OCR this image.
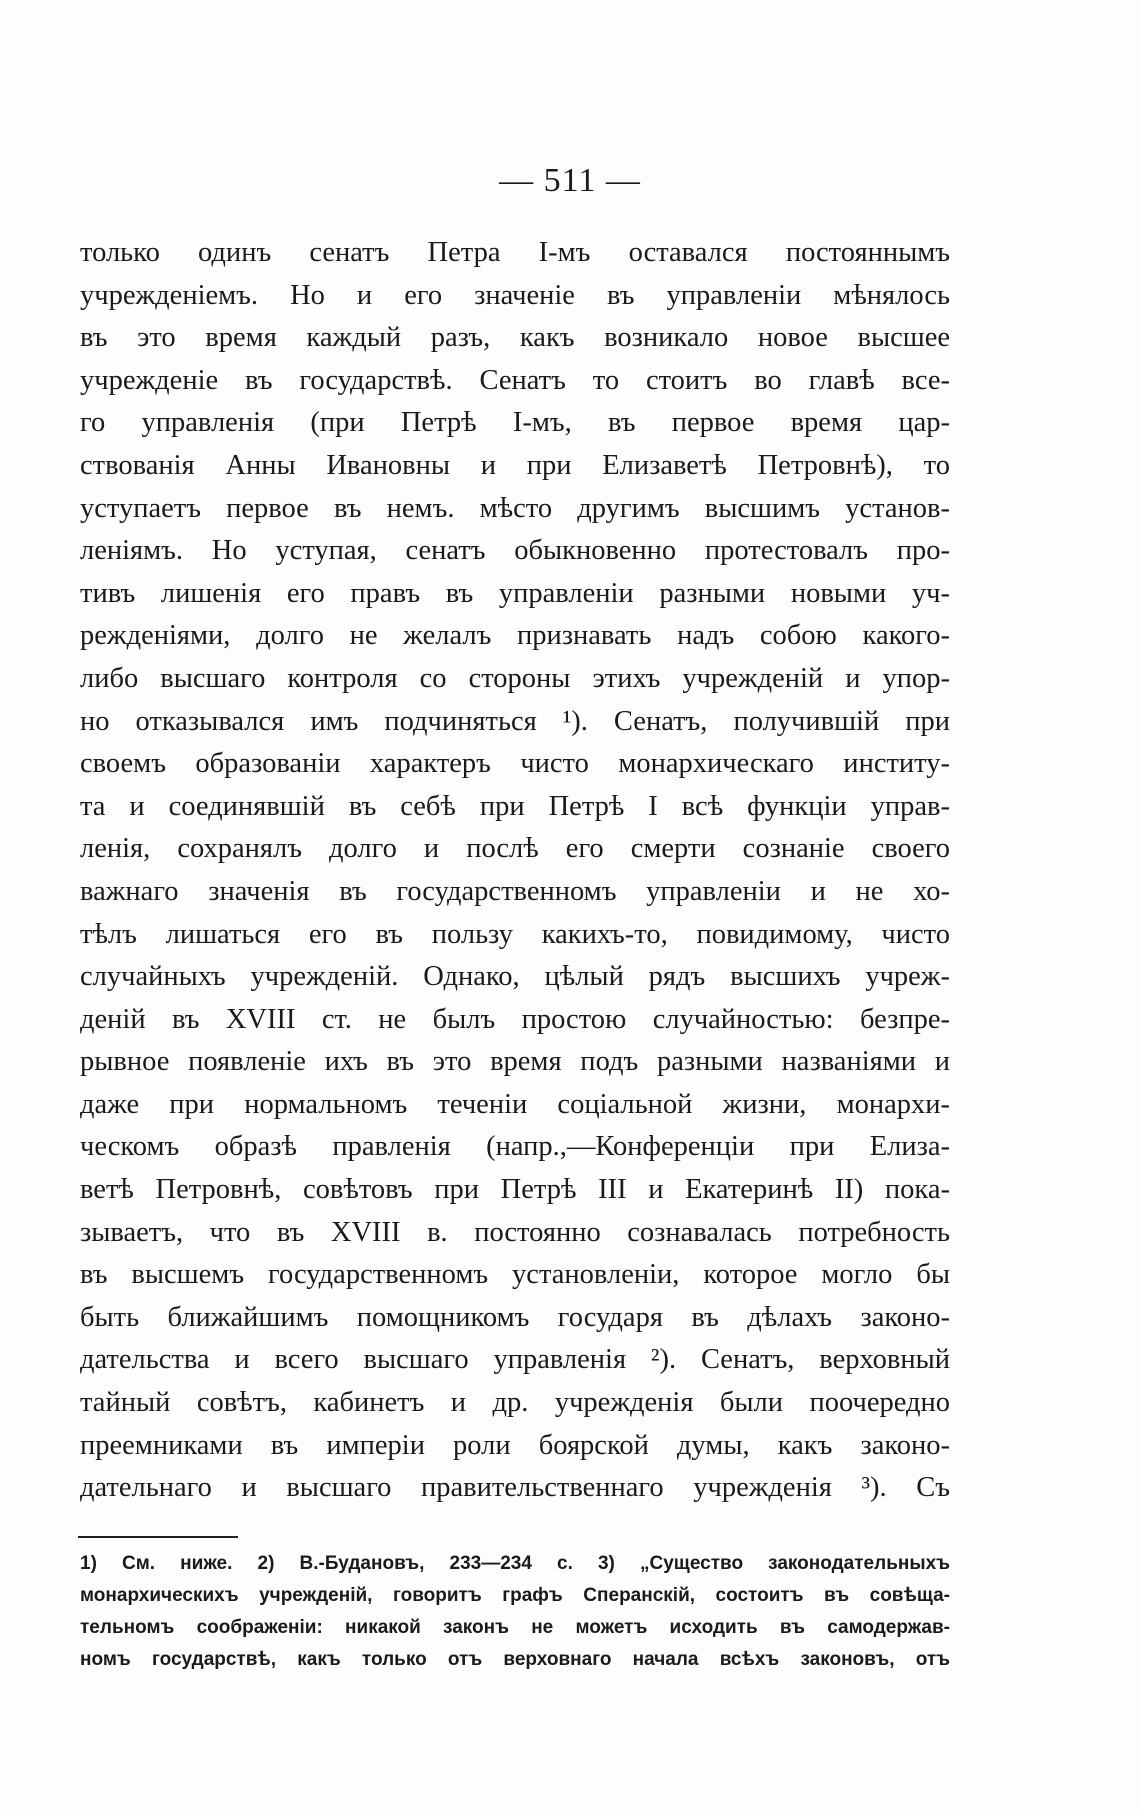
— 511 —
только одинъ сенатъ Петра I-мъ оставался постояннымъ
учрежденіемъ. Но и его значеніе въ управленіи мѣнялось
въ это время каждый разъ, какъ возникало новое высшее
учрежденіе въ государствѣ. Сенатъ то стоитъ во главѣ все-
го управленія (при Петрѣ I-мъ, въ первое время цар-
ствованія Анны Ивановны и при Елизаветѣ Петровнѣ), то
уступаетъ первое въ немъ. мѣсто другимъ высшимъ установ-
леніямъ. Но уступая, сенатъ обыкновенно протестовалъ про-
тивъ лишенія его правъ въ управленіи разными новыми уч-
режденіями, долго не желалъ признавать надъ собою какого-
либо высшаго контроля со стороны этихъ учрежденій и упор-
но отказывался имъ подчиняться ¹). Сенатъ, получившій при
своемъ образованіи характеръ чисто монархическаго институ-
та и соединявшій въ себѣ при Петрѣ I всѣ функціи управ-
ленія, сохранялъ долго и послѣ его смерти сознаніе своего
важнаго значенія въ государственномъ управленіи и не хо-
тѣлъ лишаться его въ пользу какихъ-то, повидимому, чисто
случайныхъ учрежденій. Однако, цѣлый рядъ высшихъ учреж-
деній въ XVIII ст. не былъ простою случайностью: безпре-
рывное появленіе ихъ въ это время подъ разными названіями и
даже при нормальномъ теченіи соціальной жизни, монархи-
ческомъ образѣ правленія (напр.,—Конференціи при Елиза-
ветѣ Петровнѣ, совѣтовъ при Петрѣ III и Екатеринѣ II) пока-
зываетъ, что въ XVIII в. постоянно сознавалась потребность
въ высшемъ государственномъ установленіи, которое могло бы
быть ближайшимъ помощникомъ государя въ дѣлахъ законо-
дательства и всего высшаго управленія ²). Сенатъ, верховный
тайный совѣтъ, кабинетъ и др. учрежденія были поочередно
преемниками въ имперіи роли боярской думы, какъ законо-
дательнаго и высшаго правительственнаго учрежденія ³). Съ
1) См. ниже. 2) В.-Будановъ, 233—234 с. 3) „Существо законодательныхъ
монархическихъ учрежденій, говоритъ графъ Сперанскій, состоитъ въ совѣща-
тельномъ соображеніи: никакой законъ не можетъ исходить въ самодержав-
номъ государствѣ, какъ только отъ верховнаго начала всѣхъ законовъ, отъ
